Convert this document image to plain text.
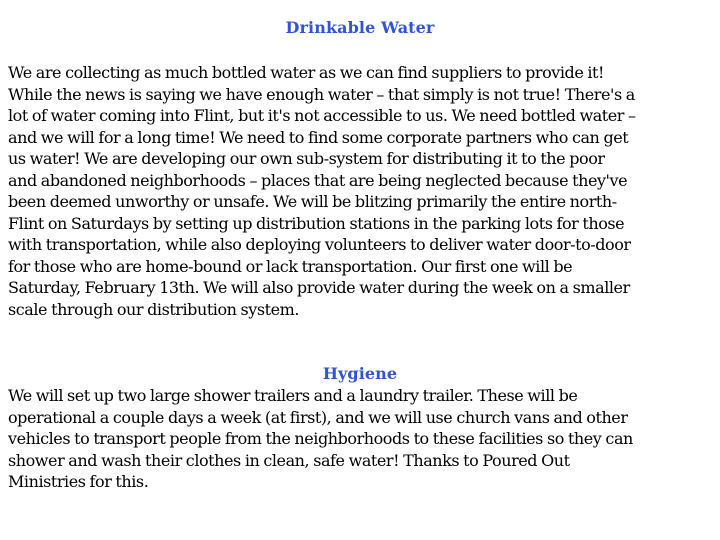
Drinkable Water
We are collecting as much bottled water as we can find suppliers to provide it!
While the news is saying we have enough water – that simply is not true! There's a
lot of water coming into Flint, but it's not accessible to us. We need bottled water –
and we will for a long time! We need to find some corporate partners who can get
us water! We are developing our own sub-system for distributing it to the poor
and abandoned neighborhoods – places that are being neglected because they've
been deemed unworthy or unsafe. We will be blitzing primarily the entire north-
Flint on Saturdays by setting up distribution stations in the parking lots for those
with transportation, while also deploying volunteers to deliver water door-to-door
for those who are home-bound or lack transportation. Our first one will be
Saturday, February 13th. We will also provide water during the week on a smaller
scale through our distribution system.
Hygiene
We will set up two large shower trailers and a laundry trailer. These will be
operational a couple days a week (at first), and we will use church vans and other
vehicles to transport people from the neighborhoods to these facilities so they can
shower and wash their clothes in clean, safe water! Thanks to Poured Out
Ministries for this.
